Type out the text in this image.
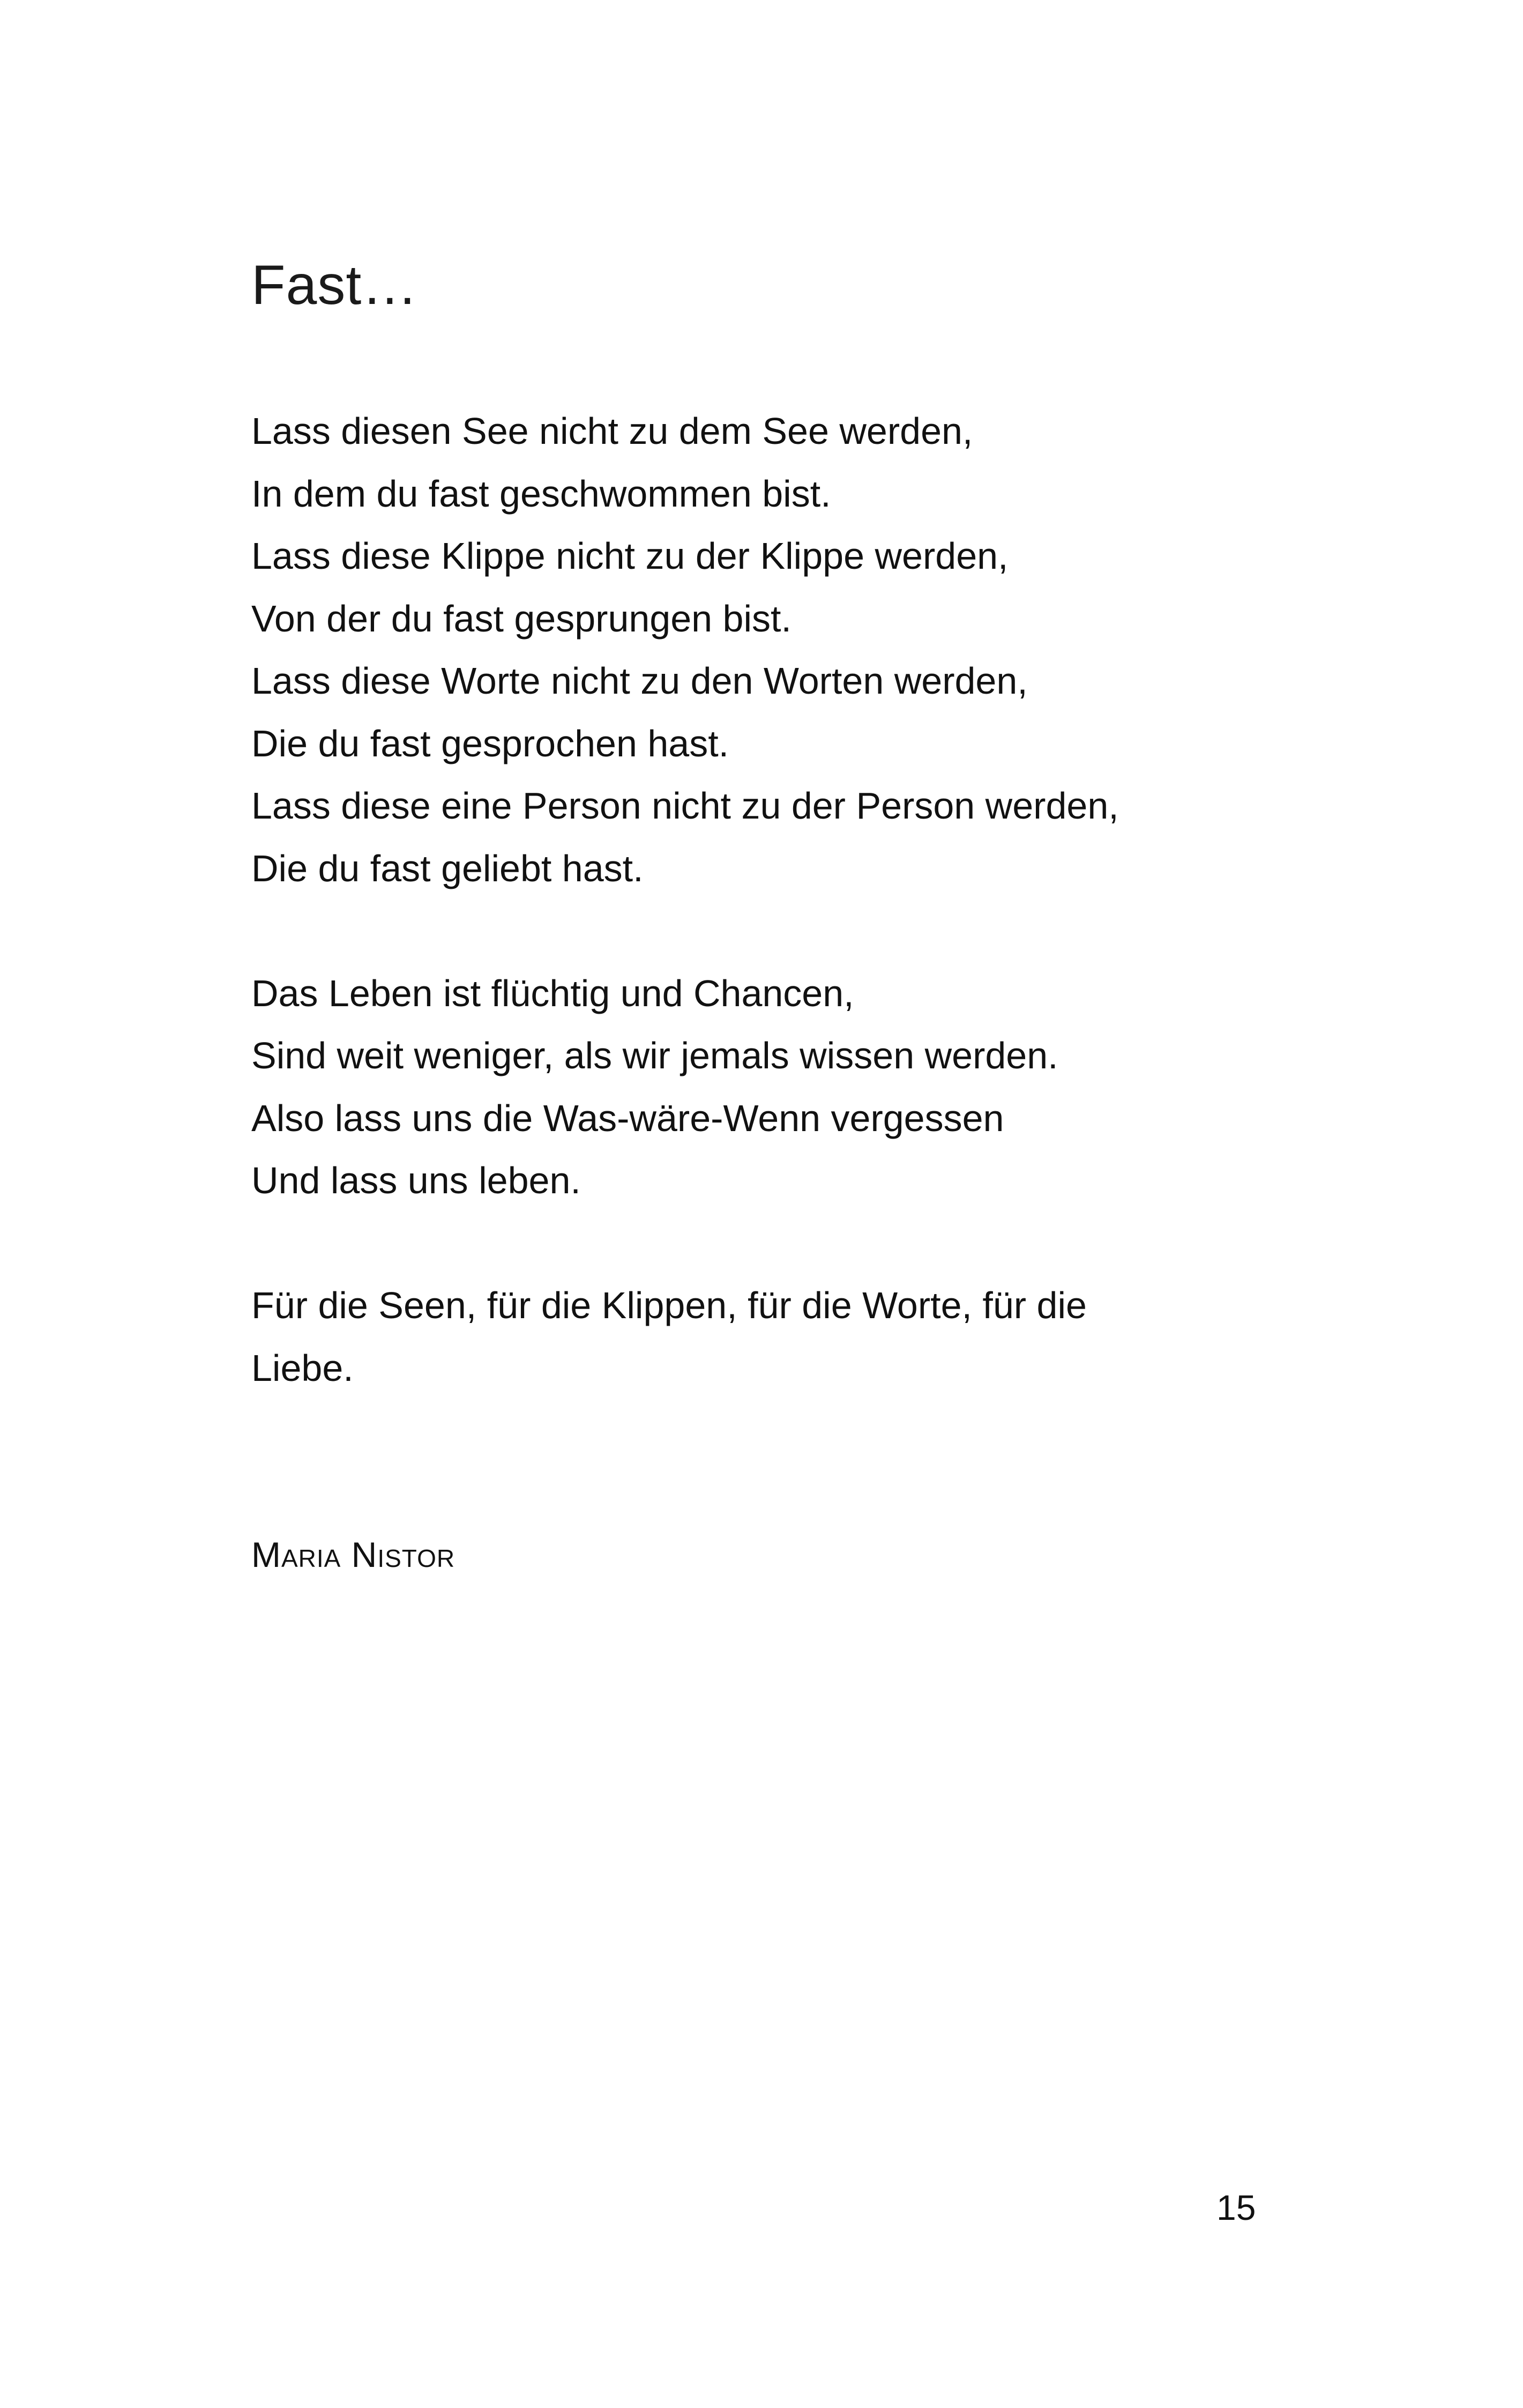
Fast…

Lass diesen See nicht zu dem See werden,
In dem du fast geschwommen bist.
Lass diese Klippe nicht zu der Klippe werden,
Von der du fast gesprungen bist.
Lass diese Worte nicht zu den Worten werden,
Die du fast gesprochen hast.
Lass diese eine Person nicht zu der Person werden,
Die du fast geliebt hast.

Das Leben ist flüchtig und Chancen,
Sind weit weniger, als wir jemals wissen werden.
Also lass uns die Was-wäre-Wenn vergessen
Und lass uns leben.

Für die Seen, für die Klippen, für die Worte, für die
Liebe.

Maria Nistor
15
